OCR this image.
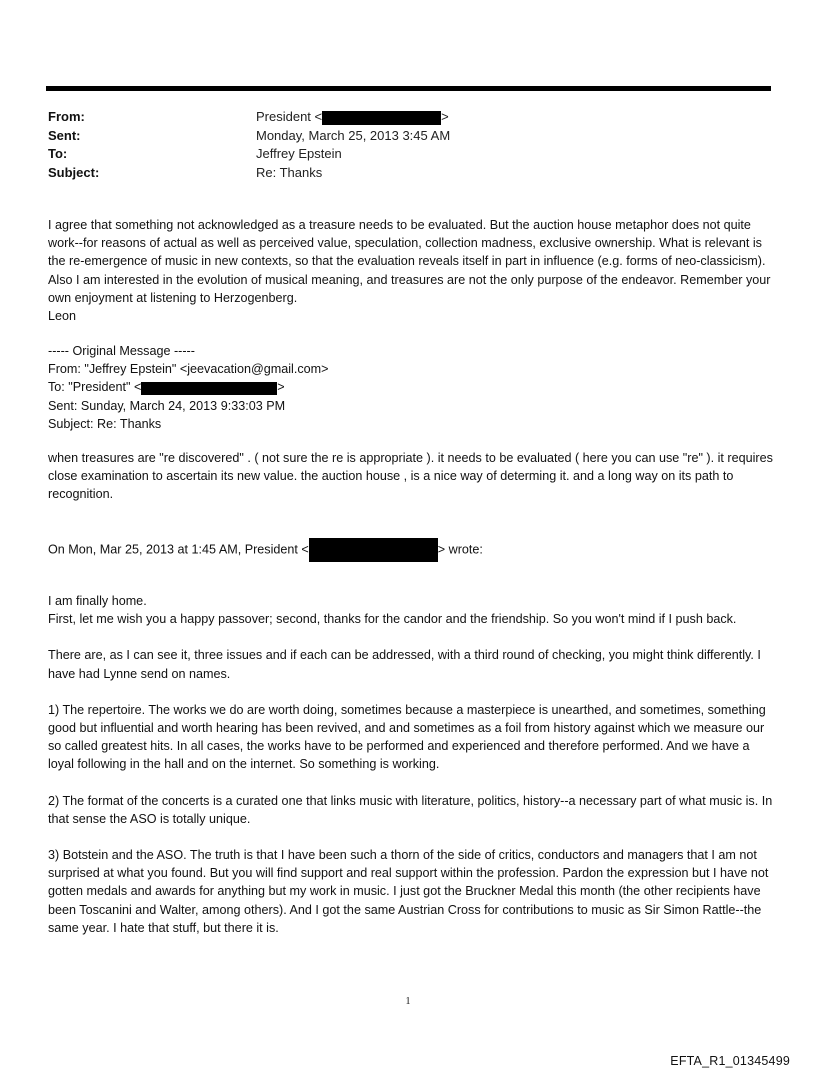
From:	President <	>
Sent:	Monday, March 25, 2013 3:45 AM
To:	Jeffrey Epstein
Subject:	Re: Thanks

I agree that something not acknowledged as a treasure needs to be evaluated. But the auction house metaphor does not quite work--for reasons of actual as well as perceived value, speculation, collection madness, exclusive ownership. What is relevant is the re-emergence of music in new contexts, so that the evaluation reveals itself in part in influence (e.g. forms of neo-classicism). Also I am interested in the evolution of musical meaning, and treasures are not the only purpose of the endeavor. Remember your own enjoyment at listening to Herzogenberg.

Leon

----- Original Message -----

From: "Jeffrey Epstein" <jeevacation@gmail.com>

To: "President" <	>

Sent: Sunday, March 24, 2013 9:33:03 PM

Subject: Re: Thanks

when treasures are "re discovered" . ( not sure the re is appropriate ). it needs to be evaluated ( here you can use "re" ). it requires close examination to ascertain its new value. the auction house , is a nice way of determing it. and a long way on its path to recognition.

On Mon, Mar 25, 2013 at 1:45 AM, President <	> wrote:

I am finally home.

First, let me wish you a happy passover; second, thanks for the candor and the friendship. So you won't mind if I push back.

There are, as I can see it, three issues and if each can be addressed, with a third round of checking, you might think differently. I have had Lynne send on names.

1) The repertoire. The works we do are worth doing, sometimes because a masterpiece is unearthed, and sometimes, something good but influential and worth hearing has been revived, and and sometimes as a foil from history against which we measure our so called greatest hits. In all cases, the works have to be performed and experienced and therefore performed. And we have a loyal following in the hall and on the internet. So something is working.

2) The format of the concerts is a curated one that links music with literature, politics, history--a necessary part of what music is. In that sense the ASO is totally unique.

3) Botstein and the ASO. The truth is that I have been such a thorn of the side of critics, conductors and managers that I am not surprised at what you found. But you will find support and real support within the profession. Pardon the expression but I have not gotten medals and awards for anything but my work in music. I just got the Bruckner Medal this month (the other recipients have been Toscanini and Walter, among others). And I got the same Austrian Cross for contributions to music as Sir Simon Rattle--the same year. I hate that stuff, but there it is.

1
EFTA_R1_01345499
